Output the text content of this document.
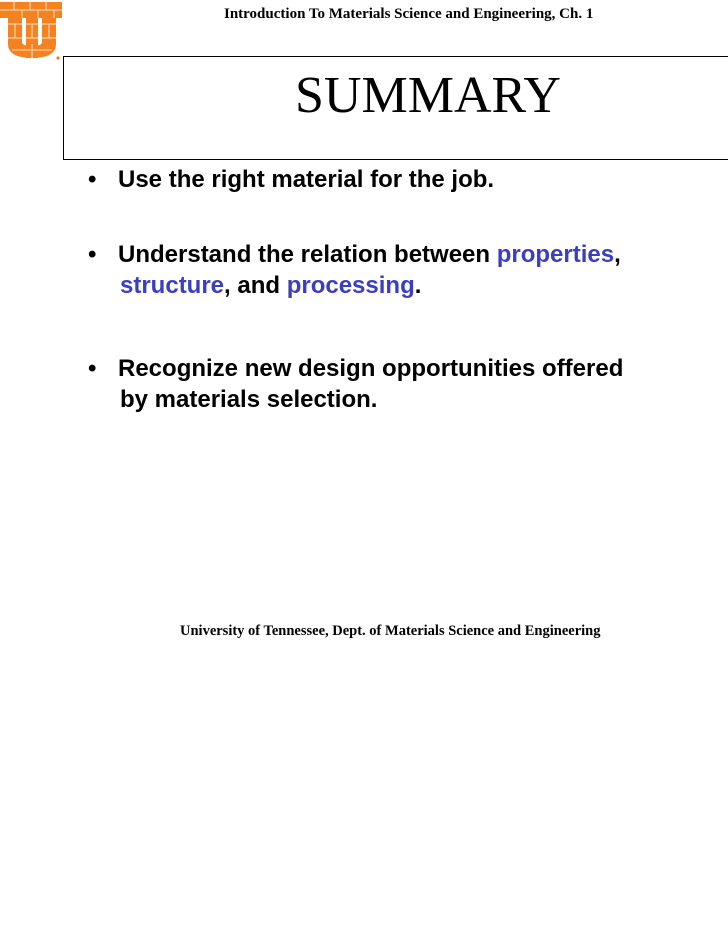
Introduction To Materials Science and Engineering, Ch. 1
SUMMARY
• Use the right material for the job.
• Understand the relation between properties,
structure, and processing.
• Recognize new design opportunities offered
by materials selection.
University of Tennessee, Dept. of Materials Science and Engineering
